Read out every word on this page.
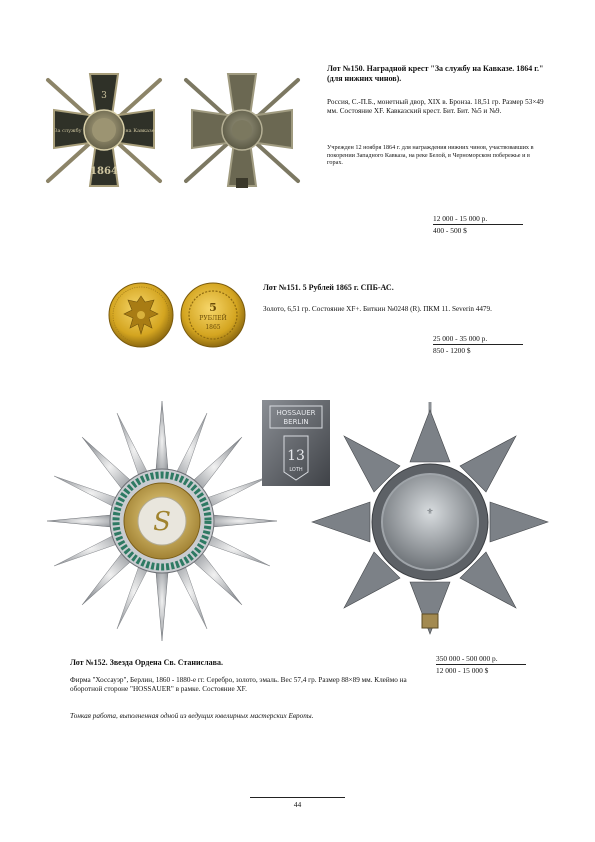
3
За службу	на Кавказе
1864
Лот №150. Наградной крест "За службу на Кавказе. 1864 г."(для нижних чинов).
Россия, С.-П.Б., монетный двор, XIX в. Бронза. 18,51 гр. Размер 53×49 мм. Состояние XF. Кавказский крест. Бит. Бит. №5 и №9.
Учрежден 12 ноября 1864 г. для награждения нижних чинов, участвовавших в покорении Западного Кавказа, на реке Белой, в Черноморском побережье и в горах.
12 000 - 15 000 р.
400 - 500 $
5
РУБЛЕЙ
1865
Лот №151. 5 Рублей 1865 г. СПБ-АС.
Золото, 6,51 гр. Состояние XF+. Биткин №0248 (R). ПКМ 11. Severin 4479.
25 000 - 35 000 р.
850 - 1200 $
S
HOSSAUER
BERLIN
13
LOTH
⚜
Лот №152. Звезда Ордена Св. Станислава.
Фирма "Хоссауэр", Берлин, 1860 - 1880-е гг. Серебро, золото, эмаль. Вес 57,4 гр. Размер 88×89 мм. Клеймо на оборотной стороне "HOSSAUER" в рамке. Состояние XF.
Тонкая работа, выполненная одной из ведущих ювелирных мастерских Европы.
350 000 - 500 000 р.
12 000 - 15 000 $
44
